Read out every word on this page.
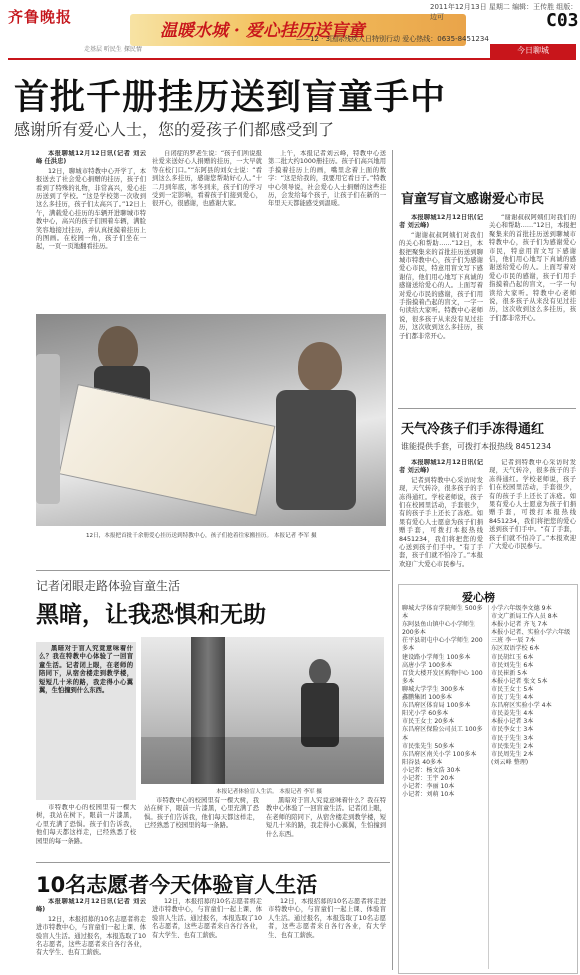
齐鲁晚报
走基层 听民生 探民情
温暖水城 · 爱心挂历送盲童
——12 · 3国际残疾人日特别行动 爱心热线：0635-8451234
2011年12月13日 星期二 编辑：王传胜 组版：边可	C03
今日聊城
首批千册挂历送到盲童手中
感谢所有爱心人士，您的爱孩子们都感受到了

本报聊城12月12日讯(记者 刘云峰 任洪忠)

12日，聊城市特教中心开学了，本报送去了社会爱心捐赠的挂历，孩子们看到了特殊的礼物，非常高兴，爱心挂历送到了学校。“这是学校第一次收到这么多挂历，孩子们太高兴了。”12日上午，满载爱心挂历的车辆开进聊城市特教中心，高兴的孩子们围着车辆，满脸笑容地接过挂历，并认真抚摸着挂历上的图画。在校园一角，孩子们坐在一起，一页一页地翻看挂历。

自闭症的罗老生说：“孩子们所说报社爱来送好心人捐赠的挂历，一大早就等在校门口。”“东阿县的刘女士说：“看到这么多挂历，感谢您帮助好心人。”十二月到年底，寒冬到来，孩子们的学习受到一定影响，看着孩子们接到爱心，很开心，很感谢，也感谢大家。

上午，本报记者刘云峰，特教中心送第二批大约1000册挂历。孩子们高兴地用手摸着挂历上的画，嘴里念着上面的数字：“这是给我的，我要用它看日子。”特教中心领导说，社会爱心人士捐赠的这些挂历，会发给每个孩子，让孩子们在新的一年里天天都能感受到温暖。

12日，本报把首批千余册爱心挂历送到特教中心，孩子们抢着往家搬挂历。 本报记者 李军 摄
盲童写盲文感谢爱心市民

本报聊城12月12日讯(记者 刘云峰)

“谢谢叔叔阿姨们对我们的关心和帮助……”12日，本报把聚集来的首批挂历送到聊城市特教中心，孩子们为感谢爱心市民，特意用盲文写下感谢信，他们用心地写下真诚的感谢送给爱心的人。上面写着对爱心市民的感谢，孩子们用手指摸着凸起的盲文，一字一句读给大家听。特教中心老师说，很多孩子从来没有见过挂历，这次收到这么多挂历，孩子们都非常开心。

“谢谢叔叔阿姨们对我们的关心和帮助……”12日，本报把聚集来的首批挂历送到聊城市特教中心，孩子们为感谢爱心市民，特意用盲文写下感谢信，他们用心地写下真诚的感谢送给爱心的人。上面写着对爱心市民的感谢，孩子们用手指摸着凸起的盲文，一字一句读给大家听。特教中心老师说，很多孩子从来没有见过挂历，这次收到这么多挂历，孩子们都非常开心。

天气冷孩子们手冻得通红
谁能提供手套，可拨打本报热线 8451234

本报聊城12月12日讯(记者 刘云峰)

记者到特教中心采访时发现，天气转冷，很多孩子的手冻得通红。学校老师说，孩子们在校园里活动，手套很少，有的孩子手上还长了冻疮。如果有爱心人士愿意为孩子们捐赠手套，可拨打本报热线8451234，我们将把您的爱心送到孩子们手中。“有了手套，孩子们就不怕冷了。”本报欢迎广大爱心市民参与。

记者到特教中心采访时发现，天气转冷，很多孩子的手冻得通红。学校老师说，孩子们在校园里活动，手套很少，有的孩子手上还长了冻疮。如果有爱心人士愿意为孩子们捐赠手套，可拨打本报热线8451234，我们将把您的爱心送到孩子们手中。“有了手套，孩子们就不怕冷了。”本报欢迎广大爱心市民参与。

记者闭眼走路体验盲童生活
黑暗，让我恐惧和无助

黑暗对于盲人究竟意味着什么？我在特教中心体验了一回盲童生活。记者闭上眼，在老师的陪同下，从宿舍楼走到教学楼，短短几十米的路，我走得小心翼翼，生怕撞到什么东西。

市特教中心的校园里有一棵大树，我站在树下，眼前一片漆黑，心里充满了恐惧。孩子们告诉我，他们每天都这样走，已经熟悉了校园里的每一条路。

本报记者体验盲人生活。 本报记者 李军 摄

市特教中心的校园里有一棵大树，我站在树下，眼前一片漆黑，心里充满了恐惧。孩子们告诉我，他们每天都这样走，已经熟悉了校园里的每一条路。

黑暗对于盲人究竟意味着什么？我在特教中心体验了一回盲童生活。记者闭上眼，在老师的陪同下，从宿舍楼走到教学楼，短短几十米的路，我走得小心翼翼，生怕撞到什么东西。

10名志愿者今天体验盲人生活

本报聊城12月12日讯(记者 刘云峰)

12日，本报招募的10名志愿者将走进市特教中心，与盲童们一起上课、体验盲人生活。通过报名，本报选取了10名志愿者，这些志愿者来自各行各业，有大学生、也有工薪族。

12日，本报招募的10名志愿者将走进市特教中心，与盲童们一起上课、体验盲人生活。通过报名，本报选取了10名志愿者，这些志愿者来自各行各业，有大学生、也有工薪族。

12日，本报招募的10名志愿者将走进市特教中心，与盲童们一起上课、体验盲人生活。通过报名，本报选取了10名志愿者，这些志愿者来自各行各业，有大学生、也有工薪族。

爱心榜
聊城大学体育学院师生 500多本
东阿县鱼山镇中心小学师生 200多本
茌平县胡屯中心小学师生 200多本
建设路小学师生 100多本
高唐小学 100多本
百货大楼开发区购物中心 100多本
聊城大学学生 300多本
鑫鹏集团 100多本
东昌府区体育局 100多本
阳光小学 60多本
市民王女士 20多本
东昌府区保险公司员工 100多本
市民张先生 50多本
东昌府区南关小学 100多本
阳谷县 40多本
小记者：杨文浩 30本
小记者：王宇 20本
小记者：李丽 10本
小记者：刘萌 10本
小学六年级李文德 9本
市文广新局工作人员 8本
本报小记者 齐飞 7本
本报小记者、实验小学六年级三班 李一辰 7本
东区双语学校 6本
市民胡红玉 6本
市民刘先生 6本
市民崔新 5本
本报小记者 张文 5本
市民王女士 5本
市民丁先生 4本
东昌府区实验小学 4本
市民姜先生 4本
本报小记者 3本
市民李女士 3本
市民于先生 3本
市民张先生 2本
市民周先生 2本
(刘云峰 整理)
